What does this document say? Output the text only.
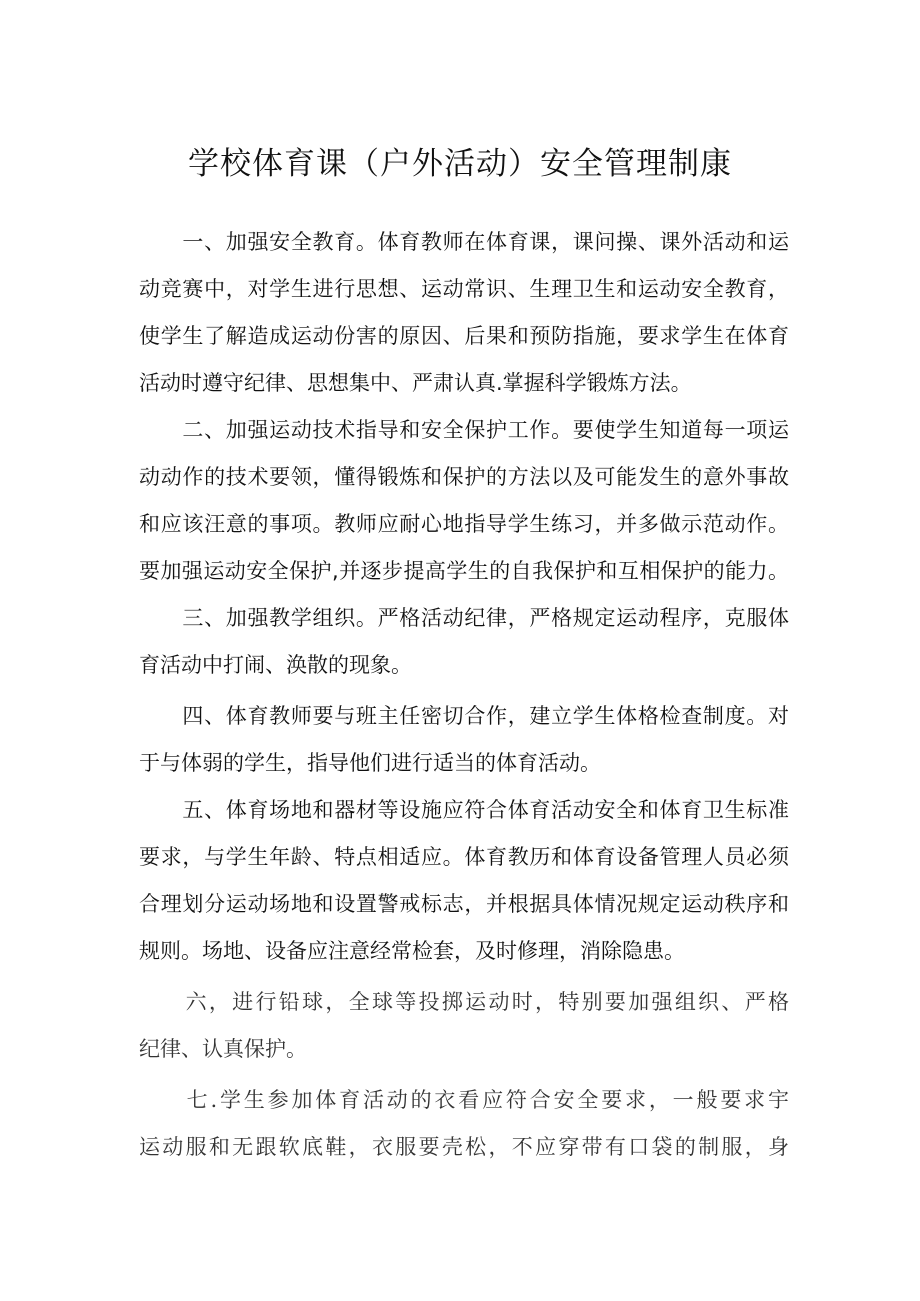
学校体育课（户外活动）安全管理制康

　　一、加强安全教育。体育教师在体育课，课问操、课外活动和运

动竞赛中，对学生进行思想、运动常识、生理卫生和运动安全教育，

使学生了解造成运动份害的原因、后果和预防指施，要求学生在体育

活动时遵守纪律、思想集中、严肃认真.掌握科学锻炼方法。

　　二、加强运动技术指导和安全保护工作。要使学生知道每一项运

动动作的技术要领，懂得锻炼和保护的方法以及可能发生的意外事故

和应该汪意的事项。教师应耐心地指导学生练习，并多做示范动作。

要加强运动安全保护,并逐步提高学生的自我保护和互相保护的能力。

　　三、加强教学组织。严格活动纪律，严格规定运动程序，克服体

育活动中打闹、涣散的现象。

　　四、体育教师要与班主任密切合作，建立学生体格检查制度。对

于与体弱的学生，指导他们进行适当的体育活动。

　　五、体育场地和器材等设施应符合体育活动安全和体育卫生标准

要求，与学生年龄、特点相适应。体育教历和体育设备管理人员必须

合理划分运动场地和设置警戒标志，并根据具体情况规定运动秩序和

规则。场地、设备应注意经常检套，及时修理，消除隐患。

　　六，进行铅球，全球等投掷运动时，特别要加强组织、严格

纪律、认真保护。

　　七.学生参加体育活动的衣看应符合安全要求，一般要求宇

运动服和无跟软底鞋，衣服要壳松，不应穿带有口袋的制服，身
